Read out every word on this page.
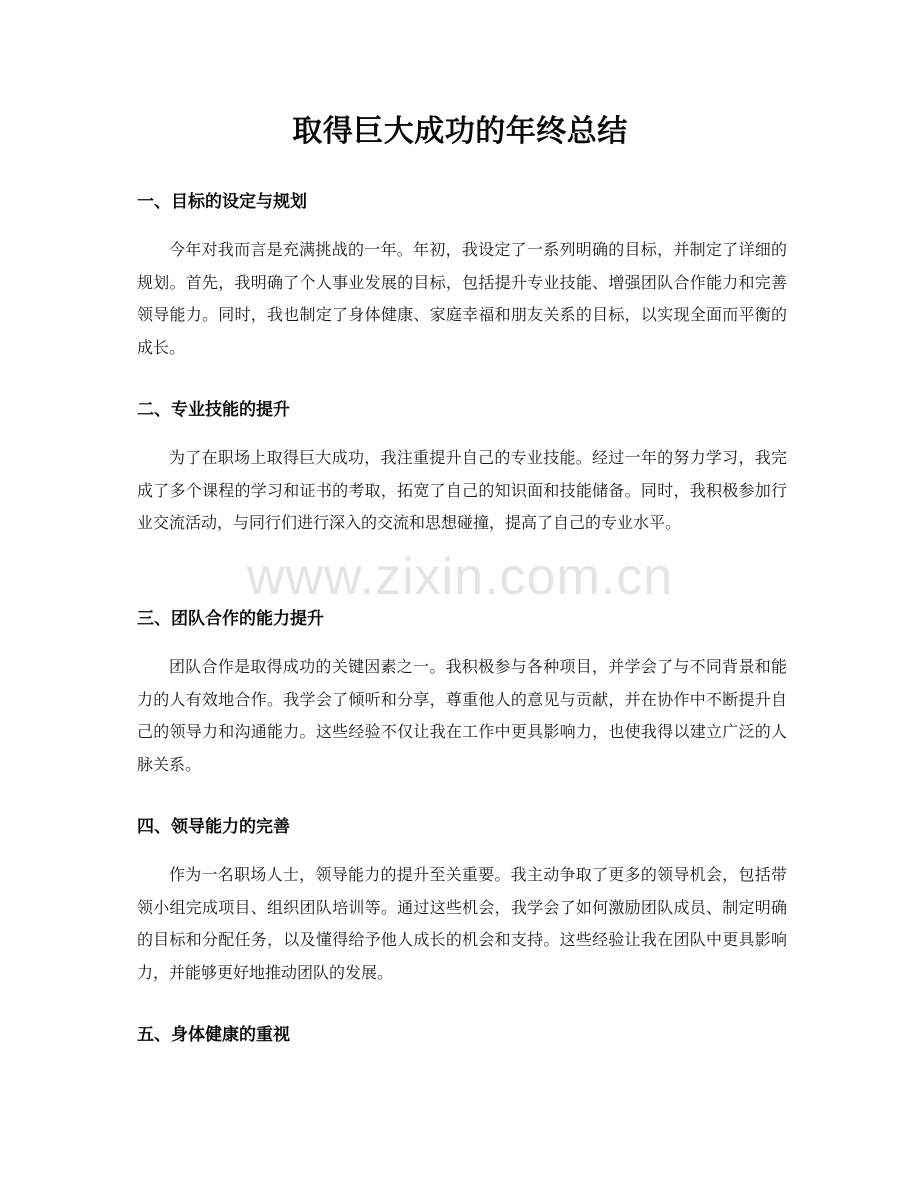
取得巨大成功的年终总结
一、目标的设定与规划
今年对我而言是充满挑战的一年。年初，我设定了一系列明确的目标，并制定了详细的规划。首先，我明确了个人事业发展的目标，包括提升专业技能、增强团队合作能力和完善领导能力。同时，我也制定了身体健康、家庭幸福和朋友关系的目标，以实现全面而平衡的成长。
二、专业技能的提升
为了在职场上取得巨大成功，我注重提升自己的专业技能。经过一年的努力学习，我完成了多个课程的学习和证书的考取，拓宽了自己的知识面和技能储备。同时，我积极参加行业交流活动，与同行们进行深入的交流和思想碰撞，提高了自己的专业水平。
三、团队合作的能力提升
团队合作是取得成功的关键因素之一。我积极参与各种项目，并学会了与不同背景和能力的人有效地合作。我学会了倾听和分享，尊重他人的意见与贡献，并在协作中不断提升自己的领导力和沟通能力。这些经验不仅让我在工作中更具影响力，也使我得以建立广泛的人脉关系。
四、领导能力的完善
作为一名职场人士，领导能力的提升至关重要。我主动争取了更多的领导机会，包括带领小组完成项目、组织团队培训等。通过这些机会，我学会了如何激励团队成员、制定明确的目标和分配任务，以及懂得给予他人成长的机会和支持。这些经验让我在团队中更具影响力，并能够更好地推动团队的发展。
五、身体健康的重视
www.zixin.com.cn
